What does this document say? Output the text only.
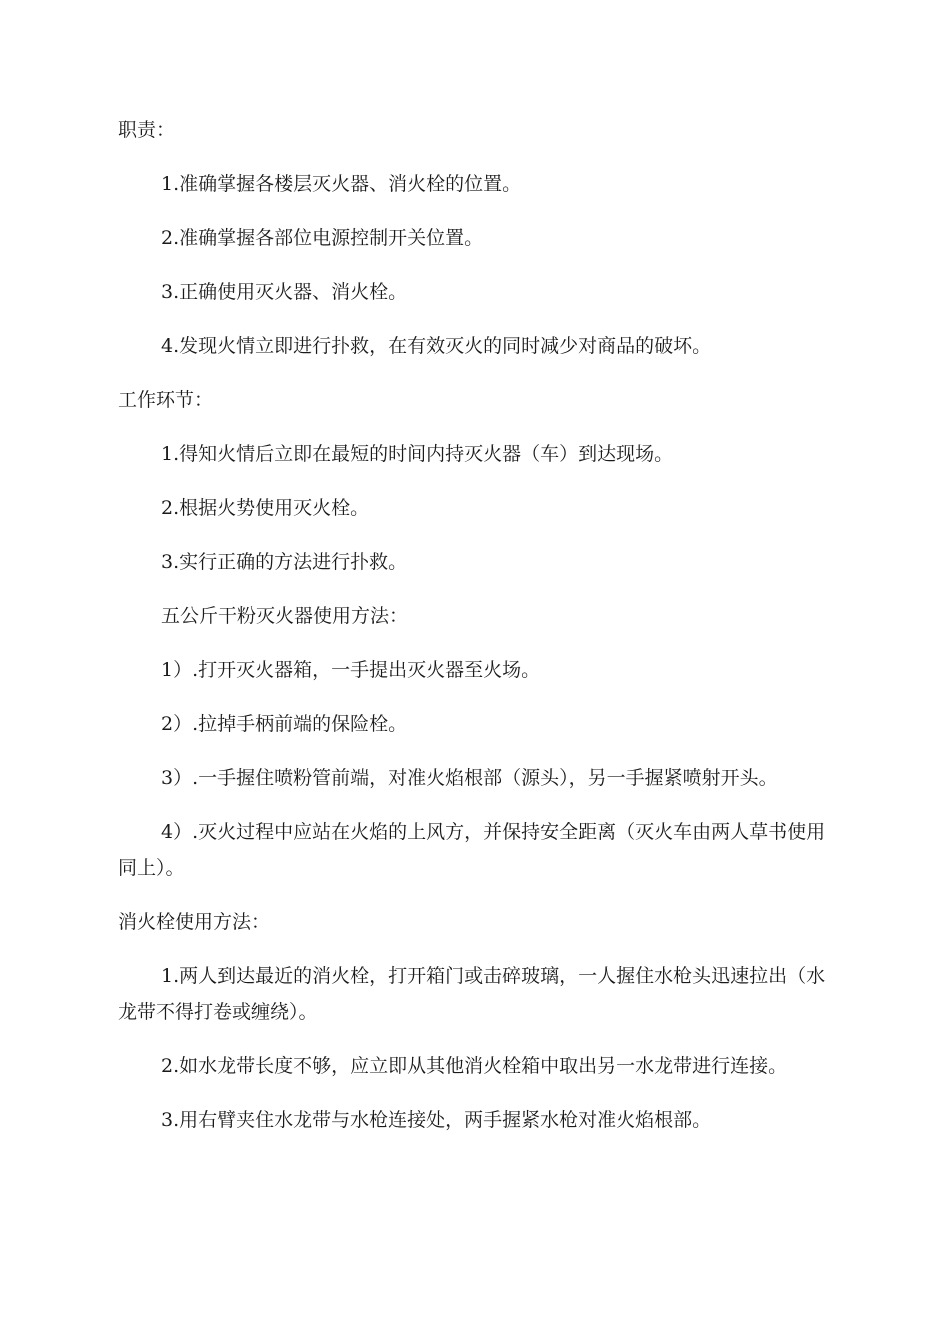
职责：

1.准确掌握各楼层灭火器、消火栓的位置。

2.准确掌握各部位电源控制开关位置。

3.正确使用灭火器、消火栓。

4.发现火情立即进行扑救，在有效灭火的同时减少对商品的破坏。

工作环节：

1.得知火情后立即在最短的时间内持灭火器（车）到达现场。

2.根据火势使用灭火栓。

3.实行正确的方法进行扑救。

五公斤干粉灭火器使用方法：

1）.打开灭火器箱，一手提出灭火器至火场。

2）.拉掉手柄前端的保险栓。

3）.一手握住喷粉管前端，对准火焰根部（源头），另一手握紧喷射开头。

4）.灭火过程中应站在火焰的上风方，并保持安全距离（灭火车由两人草书使用同上）。

消火栓使用方法：

1.两人到达最近的消火栓，打开箱门或击碎玻璃，一人握住水枪头迅速拉出（水龙带不得打卷或缠绕）。

2.如水龙带长度不够，应立即从其他消火栓箱中取出另一水龙带进行连接。

3.用右臂夹住水龙带与水枪连接处，两手握紧水枪对准火焰根部。
